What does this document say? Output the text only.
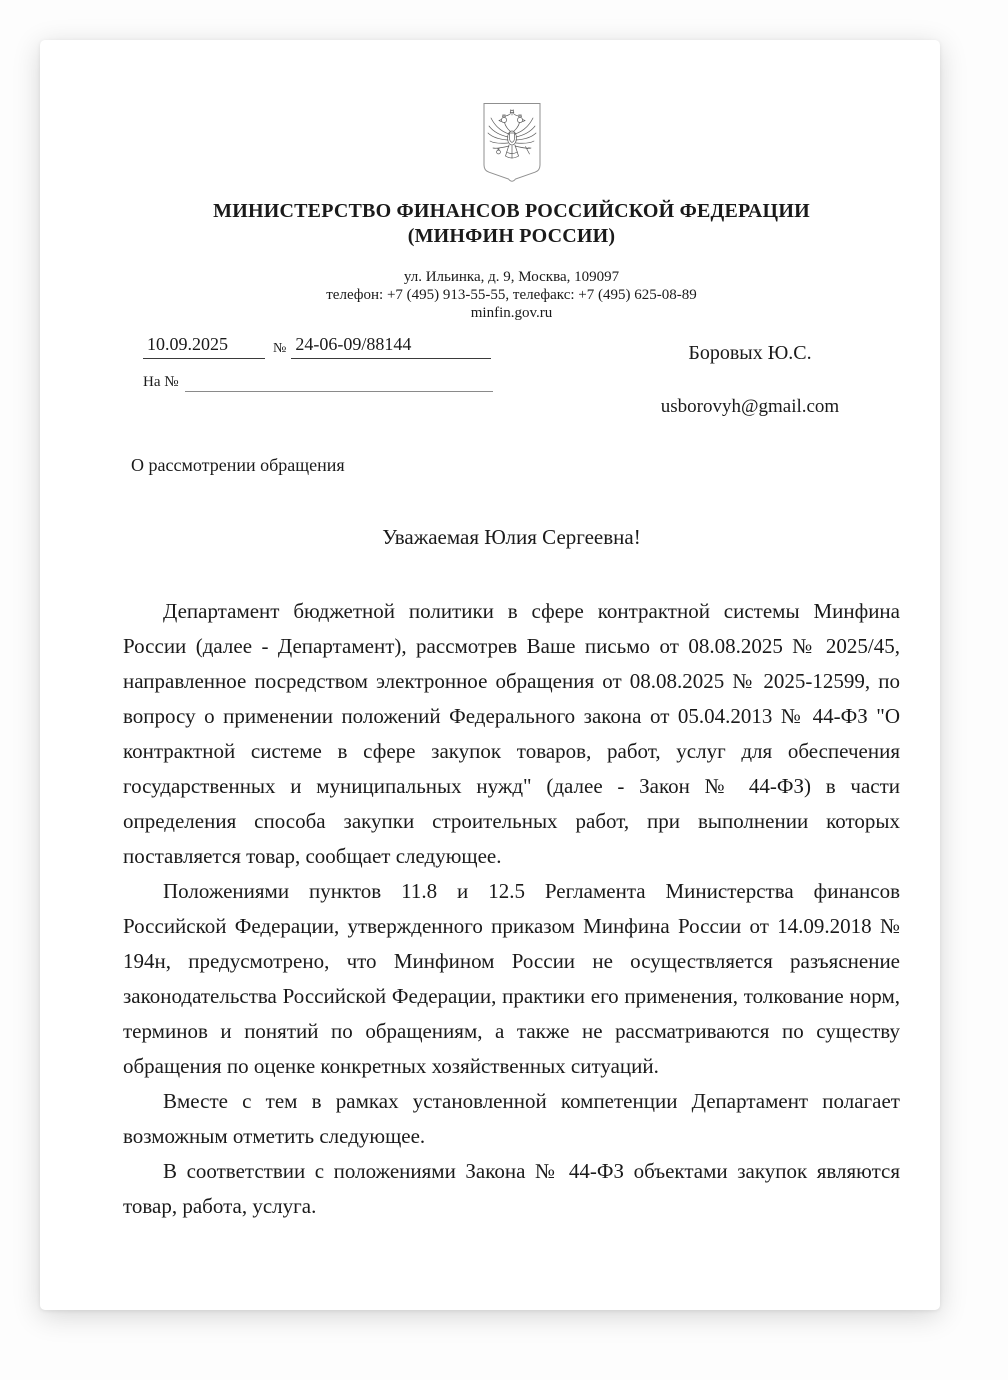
МИНИСТЕРСТВО ФИНАНСОВ РОССИЙСКОЙ ФЕДЕРАЦИИ
(МИНФИН РОССИИ)
ул. Ильинка, д. 9, Москва, 109097
телефон: +7 (495) 913-55-55, телефакс: +7 (495) 625-08-89
minfin.gov.ru
10.09.2025	№ 24-06-09/88144
На №
Боровых Ю.С.
usborovyh@gmail.com
О рассмотрении обращения
Уважаемая Юлия Сергеевна!

Департамент бюджетной политики в сфере контрактной системы Минфина России (далее - Департамент), рассмотрев Ваше письмо от 08.08.2025 № 2025/45, направленное посредством электронное обращения от 08.08.2025 № 2025-12599, по вопросу о применении положений Федерального закона от 05.04.2013 № 44-ФЗ "О контрактной системе в сфере закупок товаров, работ, услуг для обеспечения государственных и муниципальных нужд" (далее - Закон № 44-ФЗ) в части определения способа закупки строительных работ, при выполнении которых поставляется товар, сообщает следующее.

Положениями пунктов 11.8 и 12.5 Регламента Министерства финансов Российской Федерации, утвержденного приказом Минфина России от 14.09.2018 № 194н, предусмотрено, что Минфином России не осуществляется разъяснение законодательства Российской Федерации, практики его применения, толкование норм, терминов и понятий по обращениям, а также не рассматриваются по существу обращения по оценке конкретных хозяйственных ситуаций.

Вместе с тем в рамках установленной компетенции Департамент полагает возможным отметить следующее.

В соответствии с положениями Закона № 44-ФЗ объектами закупок являются товар, работа, услуга.
